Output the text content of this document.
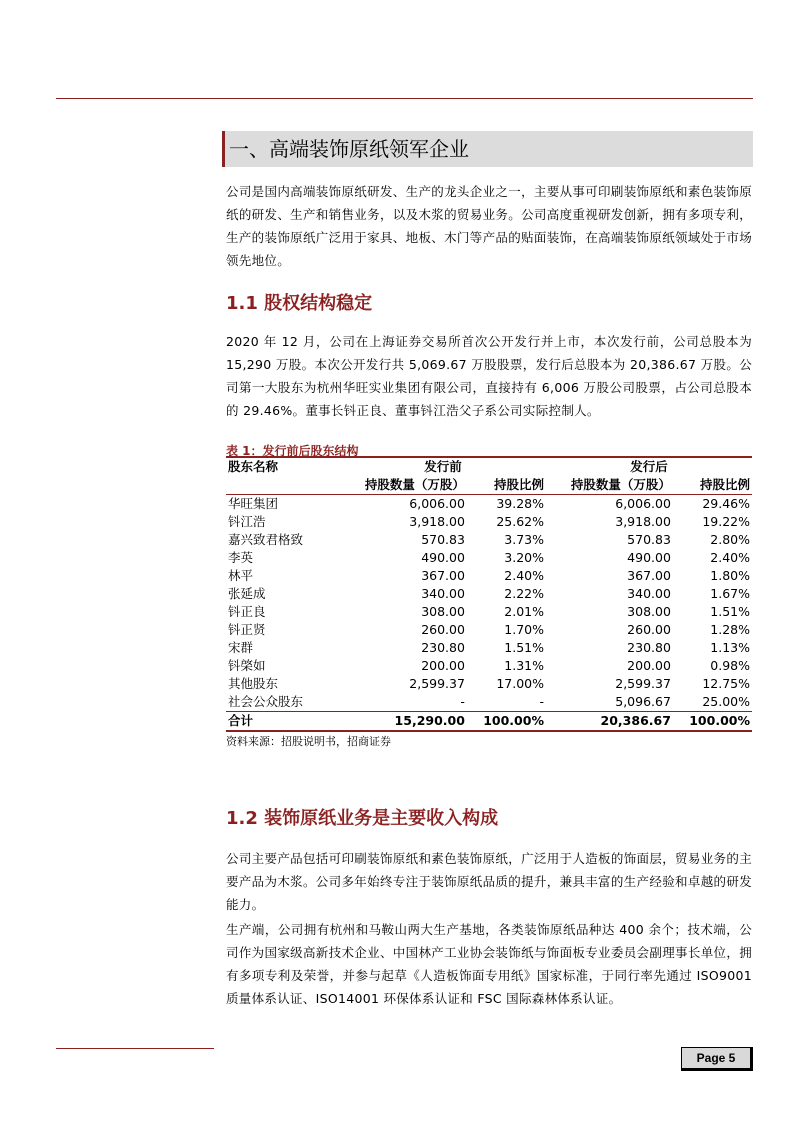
一、高端装饰原纸领军企业

公司是国内高端装饰原纸研发、生产的龙头企业之一，主要从事可印刷装饰原纸和素色装饰原纸的研发、生产和销售业务，以及木浆的贸易业务。公司高度重视研发创新，拥有多项专利，生产的装饰原纸广泛用于家具、地板、木门等产品的贴面装饰，在高端装饰原纸领域处于市场领先地位。

1.1 股权结构稳定

2020 年 12 月，公司在上海证券交易所首次公开发行并上市，本次发行前，公司总股本为 15,290 万股。本次公开发行共 5,069.67 万股股票，发行后总股本为 20,386.67 万股。公司第一大股东为杭州华旺实业集团有限公司，直接持有 6,006 万股公司股票，占公司总股本的 29.46%。董事长钭正良、董事钭江浩父子系公司实际控制人。

表 1：发行前后股东结构
股东名称	发行前		发行后	
	持股数量（万股）	持股比例	持股数量（万股）	持股比例
华旺集团	6,006.00	39.28%	6,006.00	29.46%
钭江浩	3,918.00	25.62%	3,918.00	19.22%
嘉兴致君格致	570.83	3.73%	570.83	2.80%
李英	490.00	3.20%	490.00	2.40%
林平	367.00	2.40%	367.00	1.80%
张延成	340.00	2.22%	340.00	1.67%
钭正良	308.00	2.01%	308.00	1.51%
钭正贤	260.00	1.70%	260.00	1.28%
宋群	230.80	1.51%	230.80	1.13%
钭棨如	200.00	1.31%	200.00	0.98%
其他股东	2,599.37	17.00%	2,599.37	12.75%
社会公众股东	-	-	5,096.67	25.00%
合计	15,290.00	100.00%	20,386.67	100.00%
资料来源：招股说明书，招商证券
1.2 装饰原纸业务是主要收入构成

公司主要产品包括可印刷装饰原纸和素色装饰原纸，广泛用于人造板的饰面层，贸易业务的主要产品为木浆。公司多年始终专注于装饰原纸品质的提升，兼具丰富的生产经验和卓越的研发能力。

生产端，公司拥有杭州和马鞍山两大生产基地，各类装饰原纸品种达 400 余个；技术端，公司作为国家级高新技术企业、中国林产工业协会装饰纸与饰面板专业委员会副理事长单位，拥有多项专利及荣誉，并参与起草《人造板饰面专用纸》国家标准，于同行率先通过 ISO9001 质量体系认证、ISO14001 环保体系认证和 FSC 国际森林体系认证。

Page 5
